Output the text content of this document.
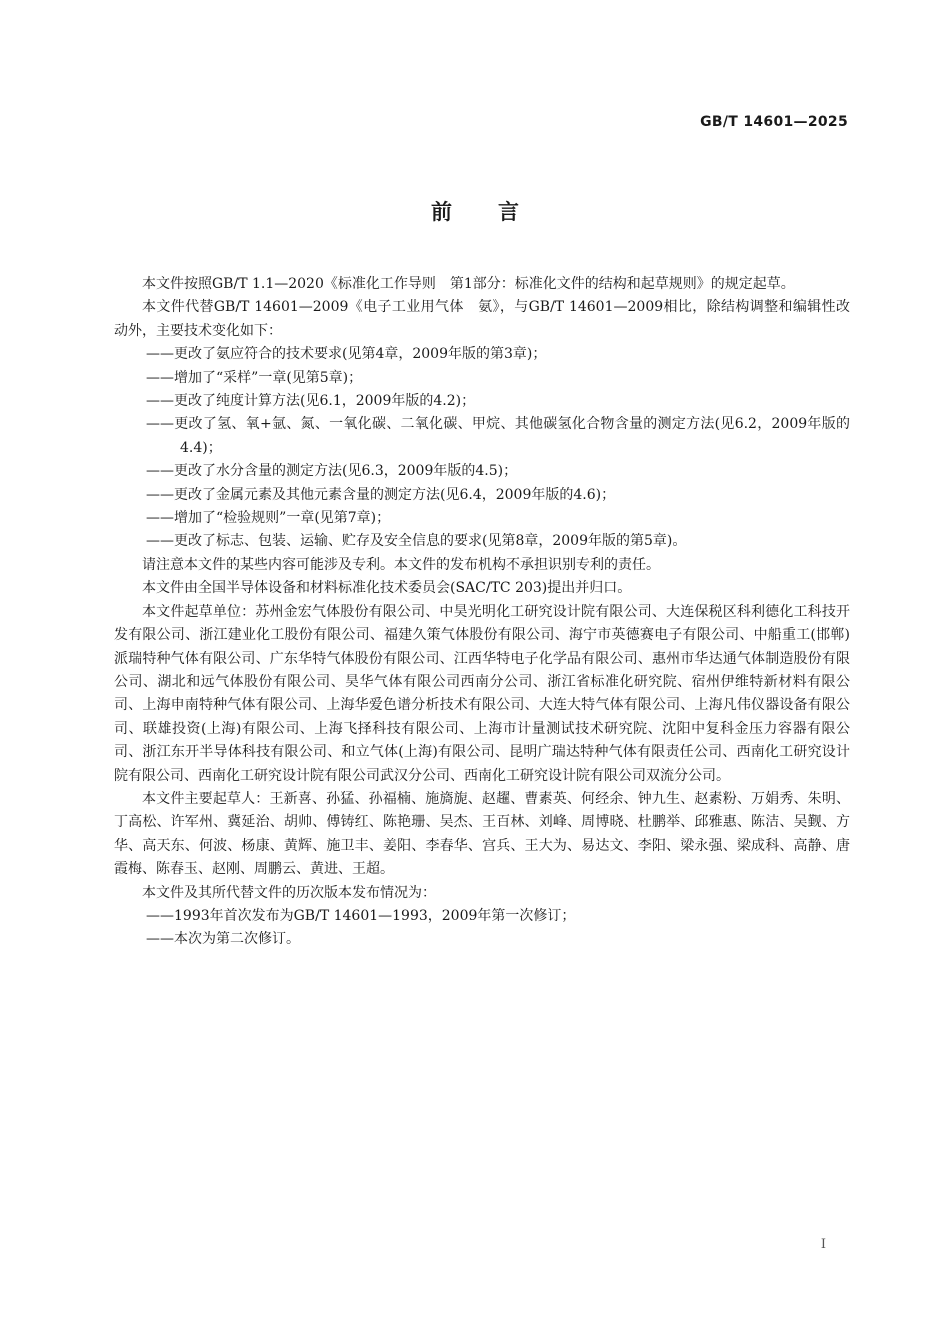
GB/T 14601—2025
前言

本文件按照GB/T 1.1—2020《标准化工作导则　第1部分：标准化文件的结构和起草规则》的规定起草。

本文件代替GB/T 14601—2009《电子工业用气体　氨》，与GB/T 14601—2009相比，除结构调整和编辑性改动外，主要技术变化如下：

——更改了氨应符合的技术要求(见第4章，2009年版的第3章)；

——增加了“采样”一章(见第5章)；

——更改了纯度计算方法(见6.1，2009年版的4.2)；

——更改了氢、氧+氩、氮、一氧化碳、二氧化碳、甲烷、其他碳氢化合物含量的测定方法(见6.2，2009年版的4.4)；

——更改了水分含量的测定方法(见6.3，2009年版的4.5)；

——更改了金属元素及其他元素含量的测定方法(见6.4，2009年版的4.6)；

——增加了“检验规则”一章(见第7章)；

——更改了标志、包装、运输、贮存及安全信息的要求(见第8章，2009年版的第5章)。

请注意本文件的某些内容可能涉及专利。本文件的发布机构不承担识别专利的责任。

本文件由全国半导体设备和材料标准化技术委员会(SAC/TC 203)提出并归口。

本文件起草单位：苏州金宏气体股份有限公司、中昊光明化工研究设计院有限公司、大连保税区科利德化工科技开发有限公司、浙江建业化工股份有限公司、福建久策气体股份有限公司、海宁市英德赛电子有限公司、中船重工(邯郸)派瑞特种气体有限公司、广东华特气体股份有限公司、江西华特电子化学品有限公司、惠州市华达通气体制造股份有限公司、湖北和远气体股份有限公司、昊华气体有限公司西南分公司、浙江省标准化研究院、宿州伊维特新材料有限公司、上海申南特种气体有限公司、上海华爱色谱分析技术有限公司、大连大特气体有限公司、上海凡伟仪器设备有限公司、联雄投资(上海)有限公司、上海飞择科技有限公司、上海市计量测试技术研究院、沈阳中复科金压力容器有限公司、浙江东开半导体科技有限公司、和立气体(上海)有限公司、昆明广瑞达特种气体有限责任公司、西南化工研究设计院有限公司、西南化工研究设计院有限公司武汉分公司、西南化工研究设计院有限公司双流分公司。

本文件主要起草人：王新喜、孙猛、孙福楠、施旖旎、赵趯、曹素英、何经余、钟九生、赵素粉、万娟秀、朱明、丁高松、许军州、冀延治、胡帅、傅铸红、陈艳珊、吴杰、王百林、刘峰、周博晓、杜鹏举、邱雅惠、陈洁、吴觐、方华、高天东、何波、杨康、黄辉、施卫丰、姜阳、李春华、宫兵、王大为、易达文、李阳、梁永强、梁成科、高静、唐霞梅、陈春玉、赵刚、周鹏云、黄进、王超。

本文件及其所代替文件的历次版本发布情况为：

——1993年首次发布为GB/T 14601—1993，2009年第一次修订；

——本次为第二次修订。

I
